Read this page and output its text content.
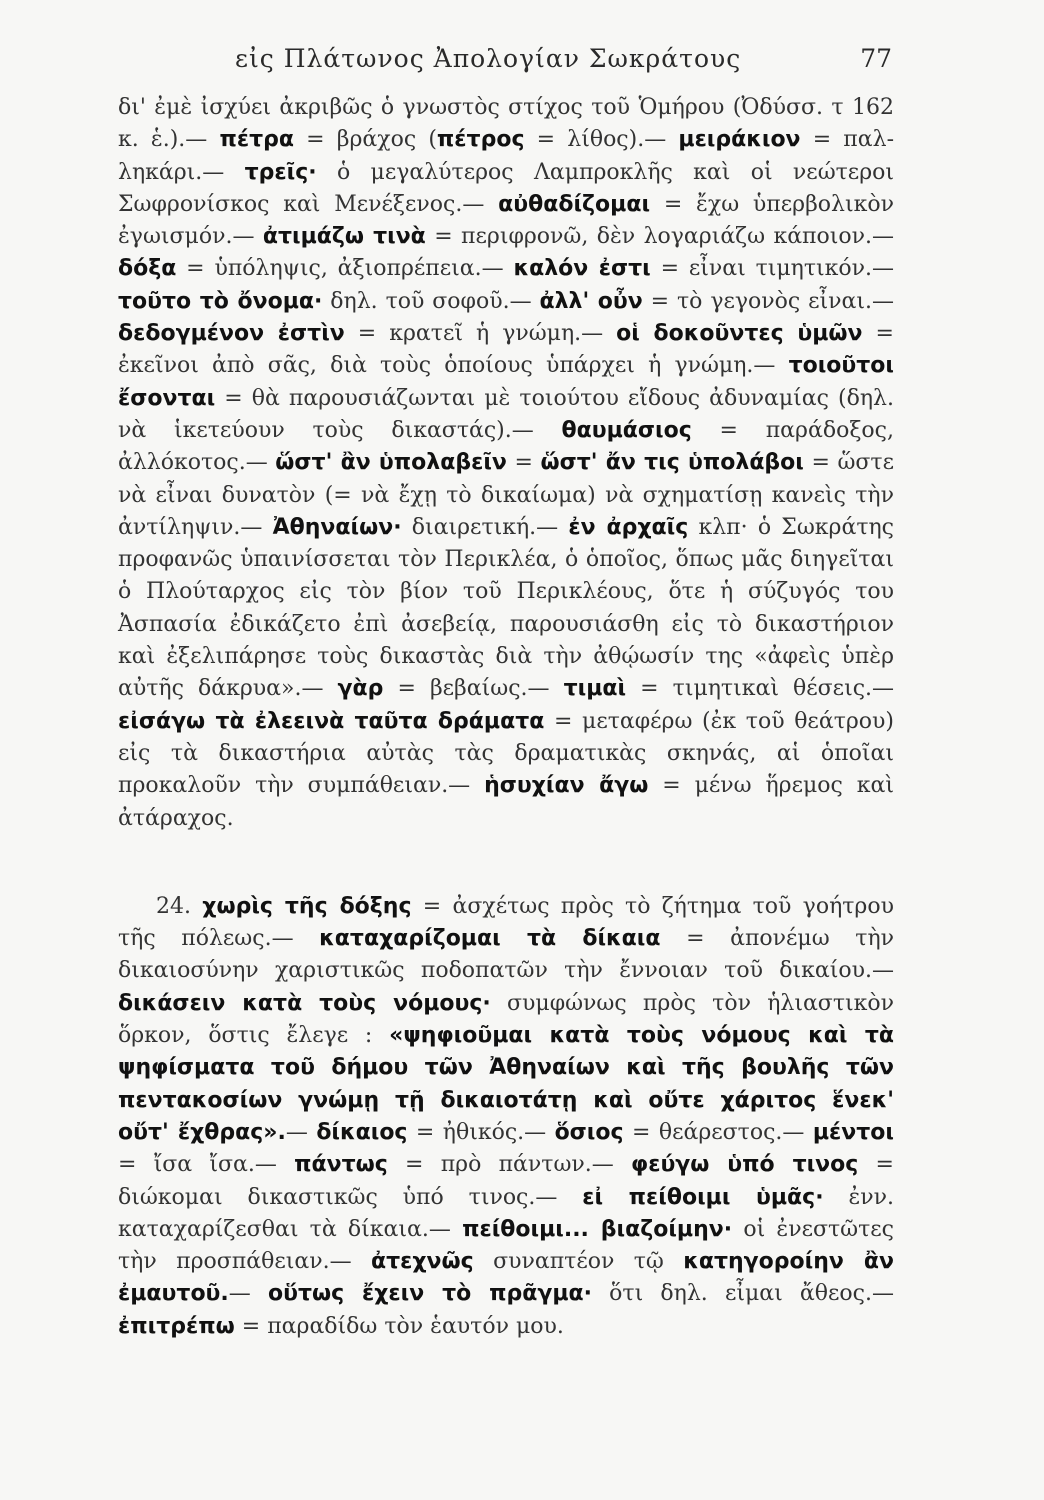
εἰς Πλάτωνος Ἀπολογίαν Σωκράτους	77

δι' ἐμὲ ἰσχύει ἀκριβῶς ὁ γνωστὸς στίχος τοῦ Ὁμήρου (Ὀδύσσ. τ 162 κ. ἑ.).— πέτρα = βράχος (πέτρος = λίθος).— μειράκιον = παλληκάρι.— τρεῖς· ὁ μεγαλύτερος Λαμπροκλῆς καὶ οἱ νεώτεροι Σωφρονίσκος καὶ Μενέξενος.— αὐθαδίζομαι = ἔχω ὑπερβολικὸν ἐγωισμόν.— ἀτιμάζω τινὰ = περιφρονῶ, δὲν λογαριάζω κάποιον.— δόξα = ὑπόληψις, ἀξιοπρέπεια.— καλόν ἐστι = εἶναι τιμητικόν.— τοῦτο τὸ ὄνομα· δηλ. τοῦ σοφοῦ.— ἀλλ' οὖν = τὸ γεγονὸς εἶναι.— δεδογμένον ἐστὶν = κρατεῖ ἡ γνώμη.— οἱ δοκοῦντες ὑμῶν = ἐκεῖνοι ἀπὸ σᾶς, διὰ τοὺς ὁποίους ὑπάρχει ἡ γνώμη.— τοιοῦτοι ἔσονται = θὰ παρουσιάζωνται μὲ τοιούτου εἴδους ἀδυναμίας (δηλ. νὰ ἱκετεύουν τοὺς δικαστάς).— θαυμάσιος = παράδοξος, ἀλλόκοτος.— ὥστ' ἂν ὑπολαβεῖν = ὥστ' ἄν τις ὑπολάβοι = ὥστε νὰ εἶναι δυνατὸν (= νὰ ἔχῃ τὸ δικαίωμα) νὰ σχηματίσῃ κανεὶς τὴν ἀντίληψιν.— Ἀθηναίων· διαιρετική.— ἐν ἀρχαῖς κλπ· ὁ Σωκράτης προφανῶς ὑπαινίσσεται τὸν Περικλέα, ὁ ὁποῖος, ὅπως μᾶς διηγεῖται ὁ Πλούταρχος εἰς τὸν βίον τοῦ Περικλέους, ὅτε ἡ σύζυγός του Ἀσπασία ἐδικάζετο ἐπὶ ἀσεβείᾳ, παρουσιάσθη εἰς τὸ δικαστήριον καὶ ἐξελιπάρησε τοὺς δικαστὰς διὰ τὴν ἀθῴωσίν της «ἀφεὶς ὑπὲρ αὐτῆς δάκρυα».— γὰρ = βεβαίως.— τιμαὶ = τιμητικαὶ θέσεις.— εἰσάγω τὰ ἐλεεινὰ ταῦτα δράματα = μεταφέρω (ἐκ τοῦ θεάτρου) εἰς τὰ δικαστήρια αὐτὰς τὰς δραματικὰς σκηνάς, αἱ ὁποῖαι προκαλοῦν τὴν συμπάθειαν.— ἡσυχίαν ἄγω = μένω ἥρεμος καὶ ἀτάραχος.

24. χωρὶς τῆς δόξης = ἀσχέτως πρὸς τὸ ζήτημα τοῦ γοήτρου τῆς πόλεως.— καταχαρίζομαι τὰ δίκαια = ἀπονέμω τὴν δικαιοσύνην χαριστικῶς ποδοπατῶν τὴν ἔννοιαν τοῦ δικαίου.— δικάσειν κατὰ τοὺς νόμους· συμφώνως πρὸς τὸν ἡλιαστικὸν ὅρκον, ὅστις ἔλεγε : «ψηφιοῦμαι κατὰ τοὺς νόμους καὶ τὰ ψηφίσματα τοῦ δήμου τῶν Ἀθηναίων καὶ τῆς βουλῆς τῶν πεντακοσίων γνώμῃ τῇ δικαιοτάτῃ καὶ οὔτε χάριτος ἕνεκ' οὔτ' ἔχθρας».— δίκαιος = ἠθικός.— ὅσιος = θεάρεστος.— μέντοι = ἴσα ἴσα.— πάντως = πρὸ πάντων.— φεύγω ὑπό τινος = διώκομαι δικαστικῶς ὑπό τινος.— εἰ πείθοιμι ὑμᾶς· ἐνν. καταχαρίζεσθαι τὰ δίκαια.— πείθοιμι... βιαζοίμην· οἱ ἐνεστῶτες τὴν προσπάθειαν.— ἀτεχνῶς συναπτέον τῷ κατηγοροίην ἂν ἐμαυτοῦ.— οὕτως ἔχειν τὸ πρᾶγμα· ὅτι δηλ. εἶμαι ἄθεος.— ἐπιτρέπω = παραδίδω τὸν ἑαυτόν μου.
